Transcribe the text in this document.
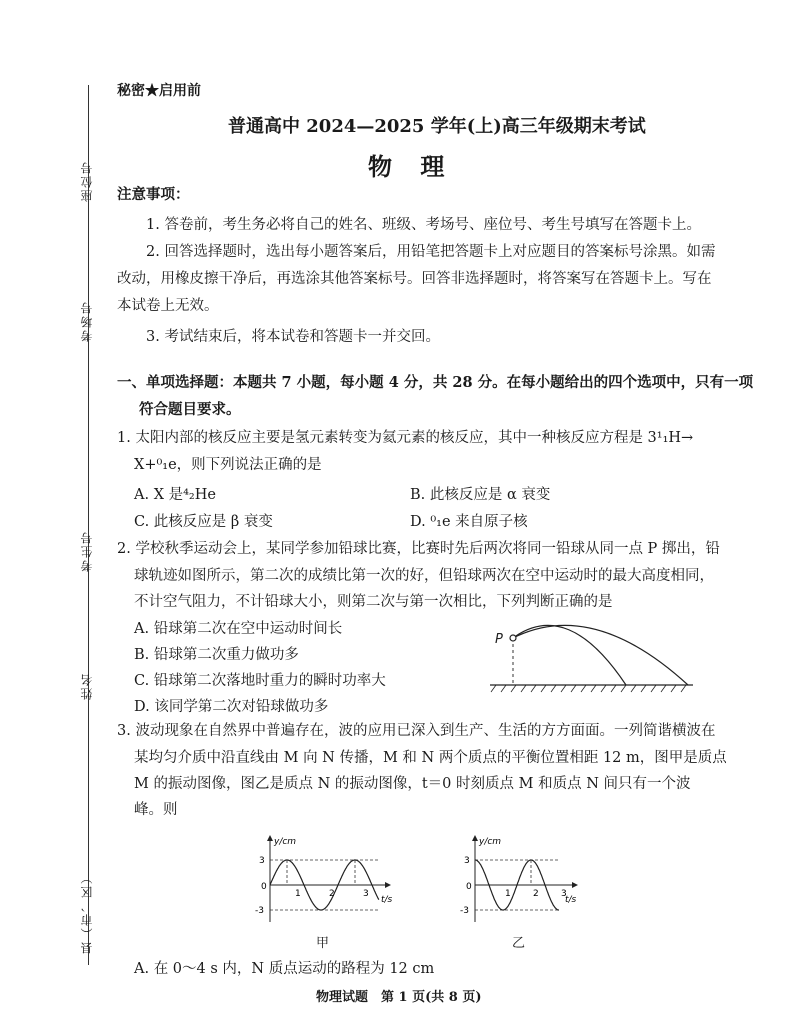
座位号
考场号
考生号
姓名
县（市、区）
秘密★启用前
普通高中 2024—2025 学年(上)高三年级期末考试
物 理
注意事项：
1. 答卷前，考生务必将自己的姓名、班级、考场号、座位号、考生号填写在答题卡上。
2. 回答选择题时，选出每小题答案后，用铅笔把答题卡上对应题目的答案标号涂黑。如需
改动，用橡皮擦干净后，再选涂其他答案标号。回答非选择题时，将答案写在答题卡上。写在
本试卷上无效。
3. 考试结束后，将本试卷和答题卡一并交回。
一、单项选择题：本题共 7 小题，每小题 4 分，共 28 分。在每小题给出的四个选项中，只有一项
符合题目要求。
1. 太阳内部的核反应主要是氢元素转变为氦元素的核反应，其中一种核反应方程是 3¹₁H→
X+⁰₁e，则下列说法正确的是
A. X 是⁴₂He	B. 此核反应是 α 衰变
C. 此核反应是 β 衰变	D. ⁰₁e 来自原子核
2. 学校秋季运动会上，某同学参加铅球比赛，比赛时先后两次将同一铅球从同一点 P 掷出，铅
球轨迹如图所示，第二次的成绩比第一次的好，但铅球两次在空中运动时的最大高度相同，
不计空气阻力，不计铅球大小，则第二次与第一次相比，下列判断正确的是
A. 铅球第二次在空中运动时间长
B. 铅球第二次重力做功多
C. 铅球第二次落地时重力的瞬时功率大
D. 该同学第二次对铅球做功多
P
3. 波动现象在自然界中普遍存在，波的应用已深入到生产、生活的方方面面。一列简谐横波在
某均匀介质中沿直线由 M 向 N 传播，M 和 N 两个质点的平衡位置相距 12 m，图甲是质点
M 的振动图像，图乙是质点 N 的振动图像，t＝0 时刻质点 M 和质点 N 间只有一个波
峰。则
y/cm
t/s
3
-3
0
1	2	3
甲
y/cm
t/s
3
-3
0
1 2 3
乙
A. 在 0～4 s 内，N 质点运动的路程为 12 cm
物理试题　第 1 页(共 8 页)
